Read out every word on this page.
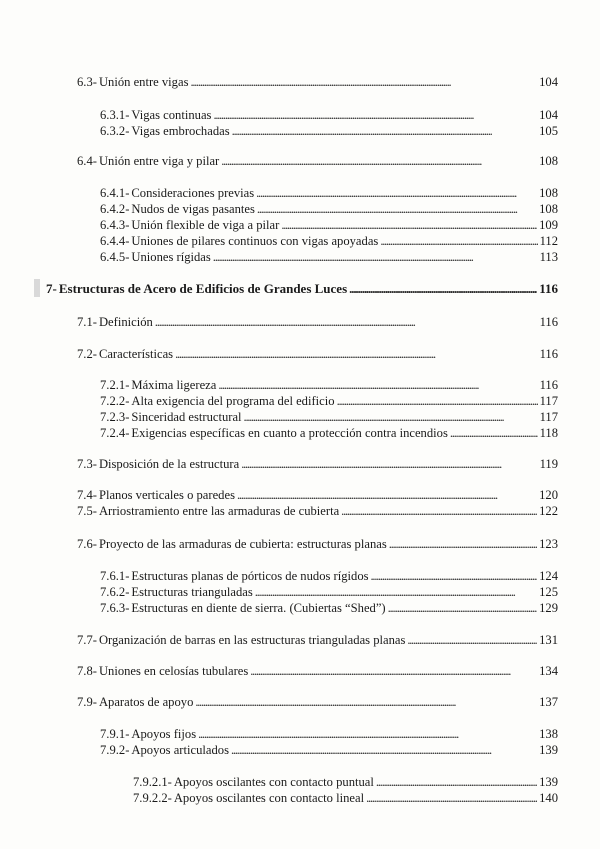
6.3- Unión entre vigas . . .	104
6.3.1- Vigas continuas . . .	104
6.3.2- Vigas embrochadas . . .	105
6.4- Unión entre viga y pilar . . .	108
6.4.1- Consideraciones previas . . .	108
6.4.2- Nudos de vigas pasantes . . .	108
6.4.3- Unión flexible de viga a pilar . . .	109
6.4.4- Uniones de pilares continuos con vigas apoyadas . . .	112
6.4.5- Uniones rígidas . . .	113
7- Estructuras de Acero de Edificios de Grandes Luces . . .	116
7.1- Definición . . .	116
7.2- Características . . .	116
7.2.1- Máxima ligereza . . .	116
7.2.2- Alta exigencia del programa del edificio . . .	117
7.2.3- Sinceridad estructural . . .	117
7.2.4- Exigencias específicas en cuanto a protección contra incendios . . .	118
7.3- Disposición de la estructura . . .	119
7.4- Planos verticales o paredes . . .	120
7.5- Arriostramiento entre las armaduras de cubierta . . .	122
7.6- Proyecto de las armaduras de cubierta: estructuras planas . . .	123
7.6.1- Estructuras planas de pórticos de nudos rígidos . . .	124
7.6.2- Estructuras trianguladas . . .	125
7.6.3- Estructuras en diente de sierra. (Cubiertas “Shed”) . . .	129
7.7- Organización de barras en las estructuras trianguladas planas . . .	131
7.8- Uniones en celosías tubulares . . .	134
7.9- Aparatos de apoyo . . .	137
7.9.1- Apoyos fijos . . .	138
7.9.2- Apoyos articulados . . .	139
7.9.2.1- Apoyos oscilantes con contacto puntual . . .	139
7.9.2.2- Apoyos oscilantes con contacto lineal . . .	140
